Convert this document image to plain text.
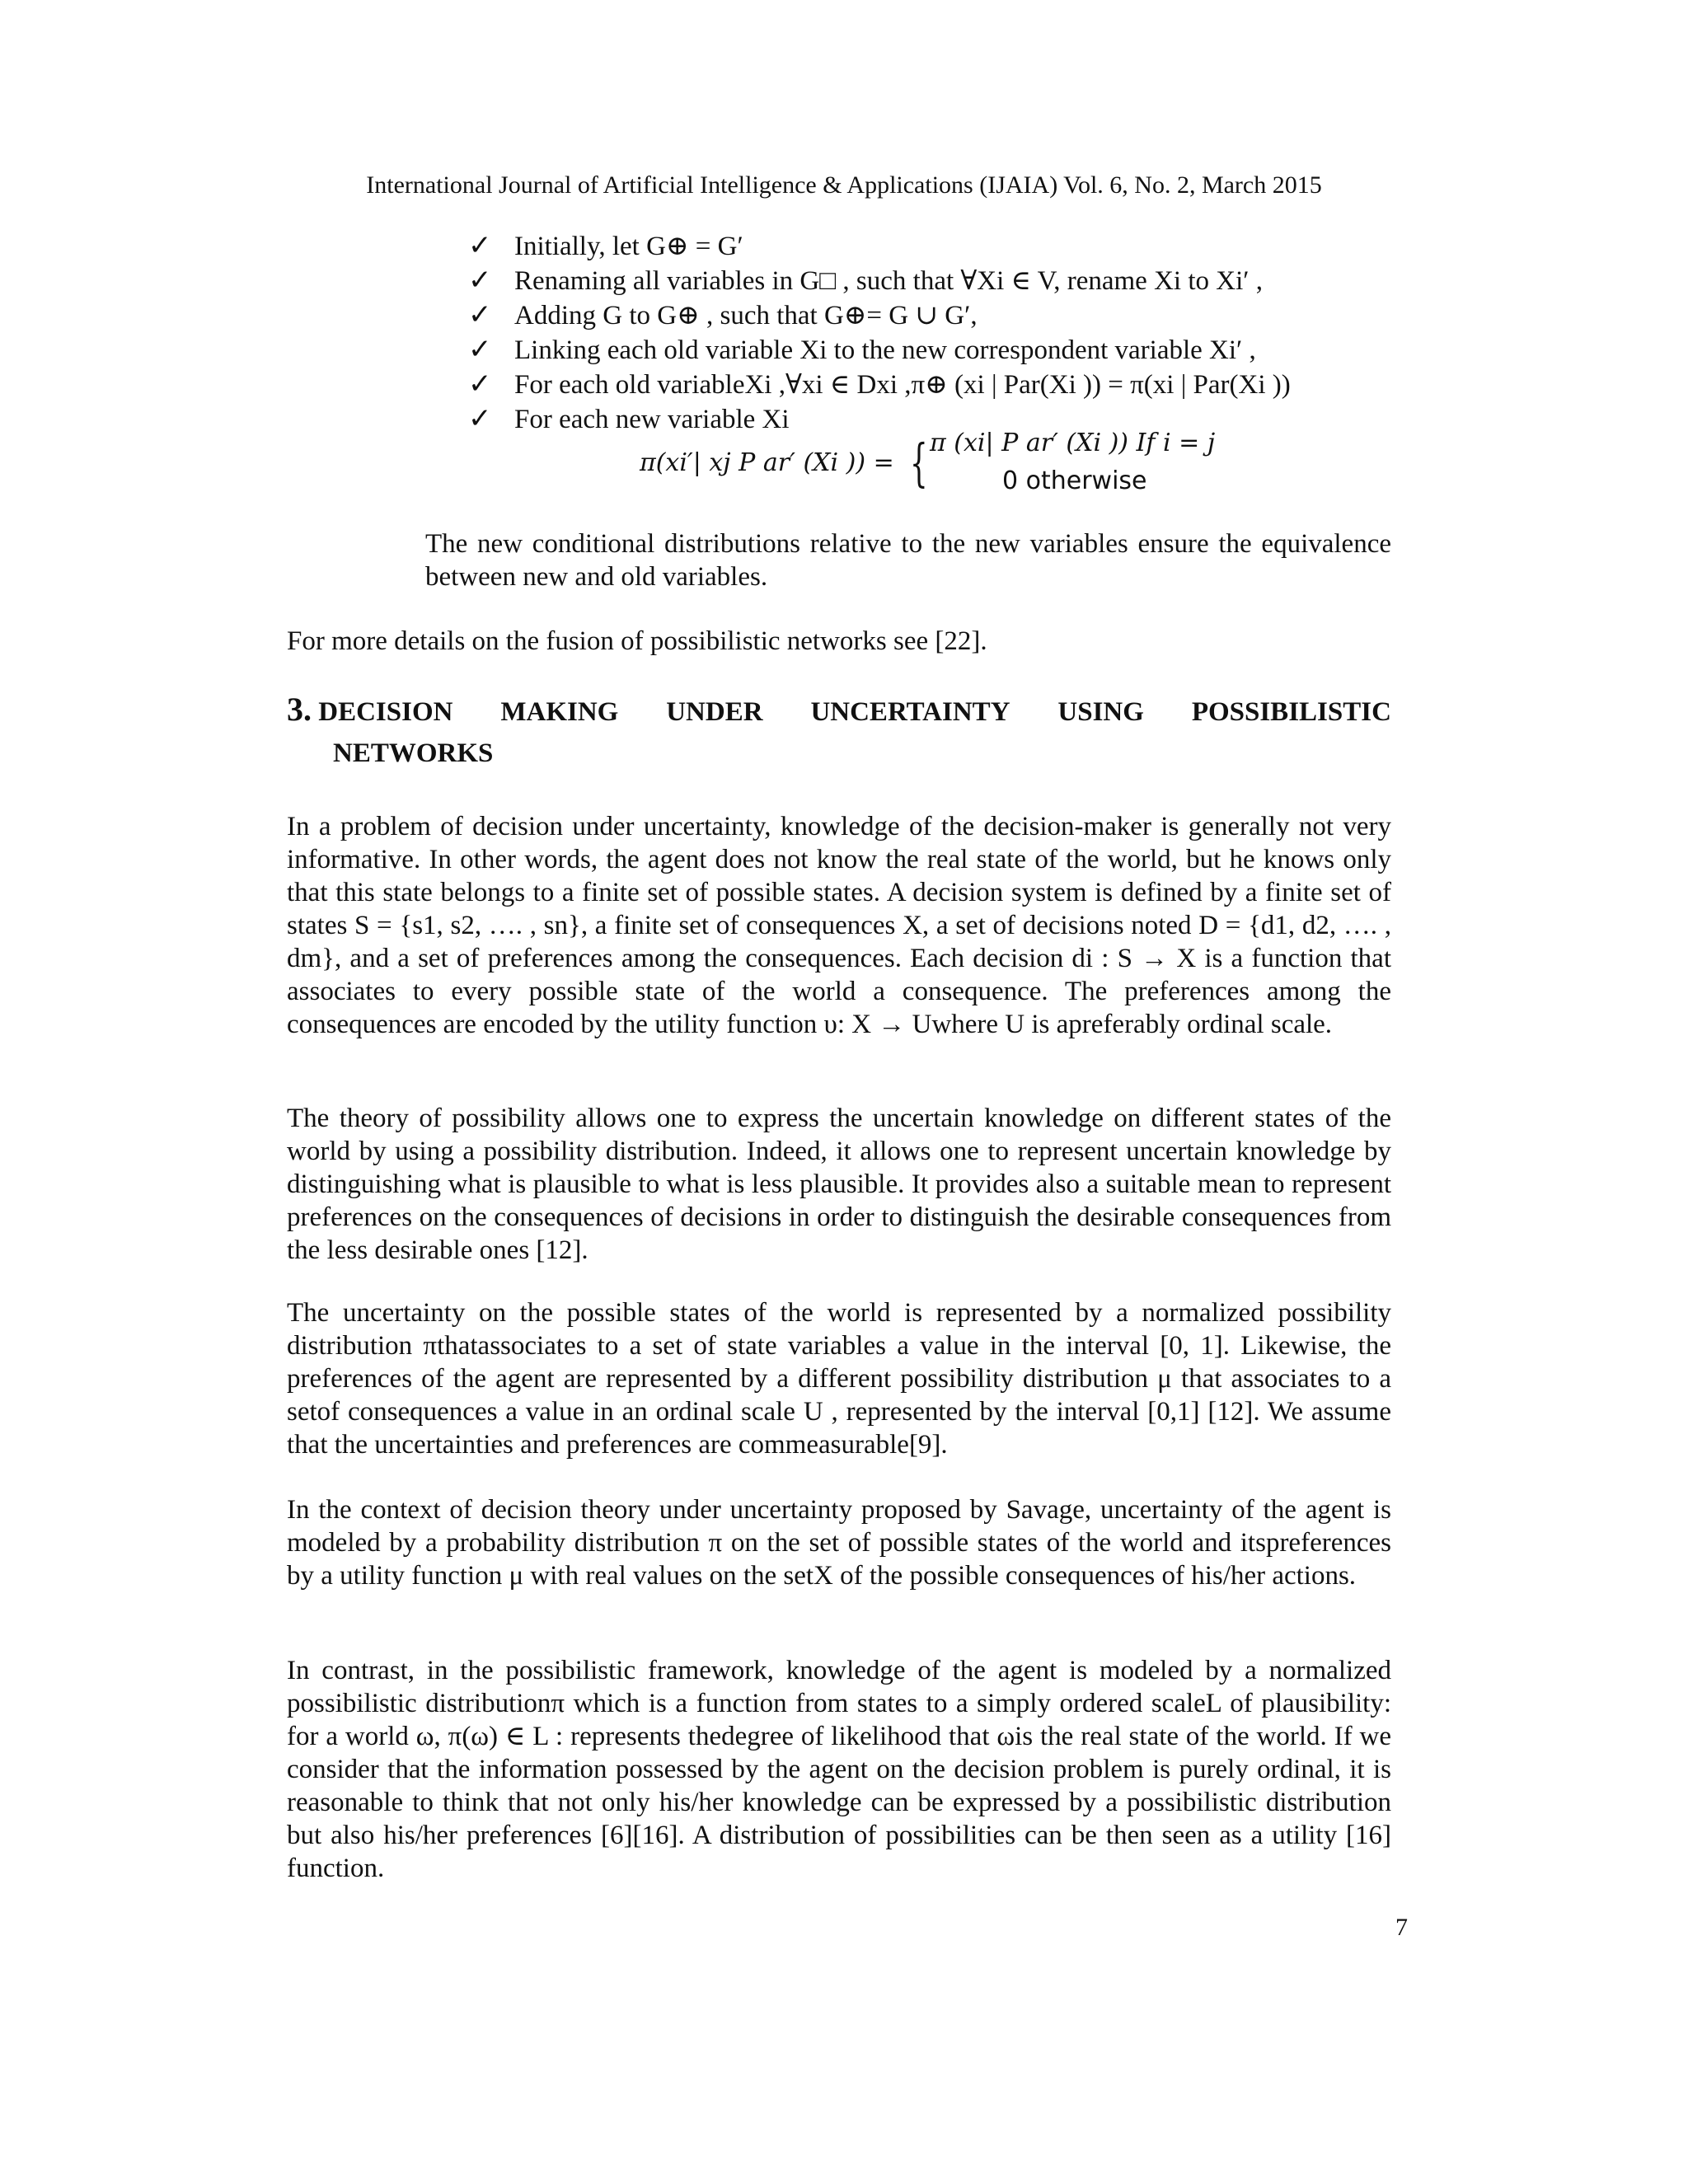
International Journal of Artificial Intelligence & Applications (IJAIA) Vol. 6, No. 2, March 2015
✓ Initially, let G⊕ = G′
✓ Renaming all variables in G□ , such that ∀Xi ∈ V, rename Xi to Xi′ ,
✓ Adding G to G⊕ , such that G⊕= G ∪ G′,
✓ Linking each old variable Xi to the new correspondent variable Xi′ ,
✓ For each old variableXi ,∀xi ∈ Dxi ,π⊕ (xi | Par(Xi )) = π(xi | Par(Xi ))
✓ For each new variable Xi
π(xi′| xj P ar′ (Xi )) = { π (xi| P ar′ (Xi )) If i = j
0 otherwise
The new conditional distributions relative to the new variables ensure the equivalence between new and old variables.
For more details on the fusion of possibilistic networks see [22].
3. DECISION MAKING UNDER UNCERTAINTY USING POSSIBILISTIC
NETWORKS
In a problem of decision under uncertainty, knowledge of the decision-maker is generally not very informative. In other words, the agent does not know the real state of the world, but he knows only that this state belongs to a finite set of possible states. A decision system is defined by a finite set of states S = {s1, s2, …. , sn}, a finite set of consequences X, a set of decisions noted D = {d1, d2, …. , dm}, and a set of preferences among the consequences. Each decision di : S → X is a function that associates to every possible state of the world a consequence. The preferences among the consequences are encoded by the utility function υ: X → Uwhere U is apreferably ordinal scale.
The theory of possibility allows one to express the uncertain knowledge on different states of the world by using a possibility distribution. Indeed, it allows one to represent uncertain knowledge by distinguishing what is plausible to what is less plausible. It provides also a suitable mean to represent preferences on the consequences of decisions in order to distinguish the desirable consequences from the less desirable ones [12].
The uncertainty on the possible states of the world is represented by a normalized possibility distribution πthatassociates to a set of state variables a value in the interval [0, 1]. Likewise, the preferences of the agent are represented by a different possibility distribution μ that associates to a setof consequences a value in an ordinal scale U , represented by the interval [0,1] [12]. We assume that the uncertainties and preferences are commeasurable[9].
In the context of decision theory under uncertainty proposed by Savage, uncertainty of the agent is modeled by a probability distribution π on the set of possible states of the world and itspreferences by a utility function μ with real values on the setX of the possible consequences of his/her actions.
In contrast, in the possibilistic framework, knowledge of the agent is modeled by a normalized possibilistic distributionπ which is a function from states to a simply ordered scaleL of plausibility: for a world ω, π(ω) ∈ L : represents thedegree of likelihood that ωis the real state of the world. If we consider that the information possessed by the agent on the decision problem is purely ordinal, it is reasonable to think that not only his/her knowledge can be expressed by a possibilistic distribution but also his/her preferences [6][16]. A distribution of possibilities can be then seen as a utility [16] function.
7
